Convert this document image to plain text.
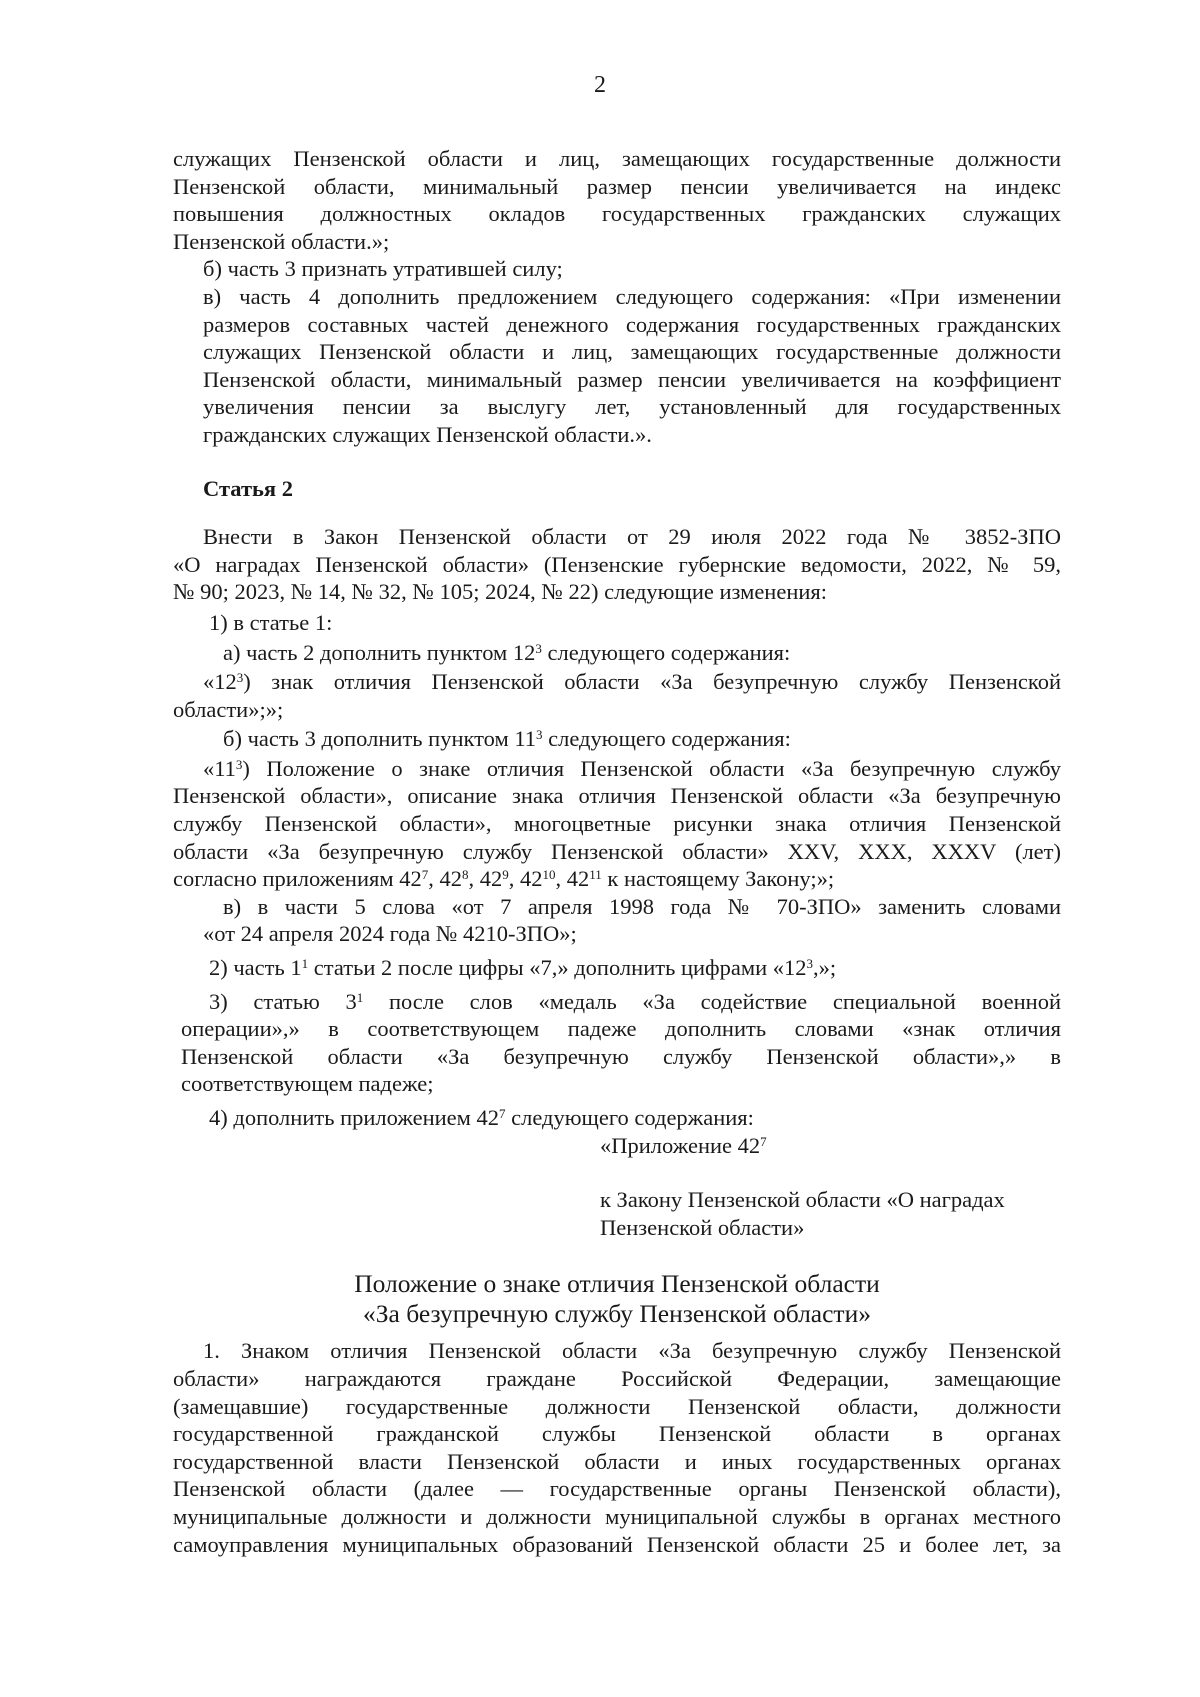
2

служащих Пензенской области и лиц, замещающих государственные должности

Пензенской области, минимальный размер пенсии увеличивается на индекс

повышения должностных окладов государственных гражданских служащих

Пензенской области.»;

б) часть 3 признать утратившей силу;

в) часть 4 дополнить предложением следующего содержания: «При изменении

размеров составных частей денежного содержания государственных гражданских

служащих Пензенской области и лиц, замещающих государственные должности

Пензенской области, минимальный размер пенсии увеличивается на коэффициент

увеличения пенсии за выслугу лет, установленный для государственных

гражданских служащих Пензенской области.».

Статья 2

Внести в Закон Пензенской области от 29 июля 2022 года № 3852-ЗПО

«О наградах Пензенской области» (Пензенские губернские ведомости, 2022, № 59,

№ 90; 2023, № 14, № 32, № 105; 2024, № 22) следующие изменения:

1) в статье 1:

а) часть 2 дополнить пунктом $12^3$ следующего содержания:

«$12^3$) знак отличия Пензенской области «За безупречную службу Пензенской

области»;»;

б) часть 3 дополнить пунктом $11^3$ следующего содержания:

«$11^3$) Положение о знаке отличия Пензенской области «За безупречную службу

Пензенской области», описание знака отличия Пензенской области «За безупречную

службу Пензенской области», многоцветные рисунки знака отличия Пензенской

области «За безупречную службу Пензенской области» XXV, XXX, XXXV (лет)

согласно приложениям $42^7$, $42^8$, $42^9$, $42^{10}$, $42^{11}$ к настоящему Закону;»;

в) в части 5 слова «от 7 апреля 1998 года № 70-ЗПО» заменить словами

«от 24 апреля 2024 года № 4210-ЗПО»;

2) часть $1^1$ статьи 2 после цифры «7,» дополнить цифрами «$12^3$,»;

3) статью $3^1$ после слов «медаль «За содействие специальной военной

операции»,» в соответствующем падеже дополнить словами «знак отличия

Пензенской области «За безупречную службу Пензенской области»,» в

соответствующем падеже;

4) дополнить приложением $42^7$ следующего содержания:

«Приложение $42^7$

к Закону Пензенской области «О наградах

Пензенской области»

Положение о знаке отличия Пензенской области

«За безупречную службу Пензенской области»

1. Знаком отличия Пензенской области «За безупречную службу Пензенской

области» награждаются граждане Российской Федерации, замещающие

(замещавшие) государственные должности Пензенской области, должности

государственной гражданской службы Пензенской области в органах

государственной власти Пензенской области и иных государственных органах

Пензенской области (далее — государственные органы Пензенской области),

муниципальные должности и должности муниципальной службы в органах местного

самоуправления муниципальных образований Пензенской области 25 и более лет, за
